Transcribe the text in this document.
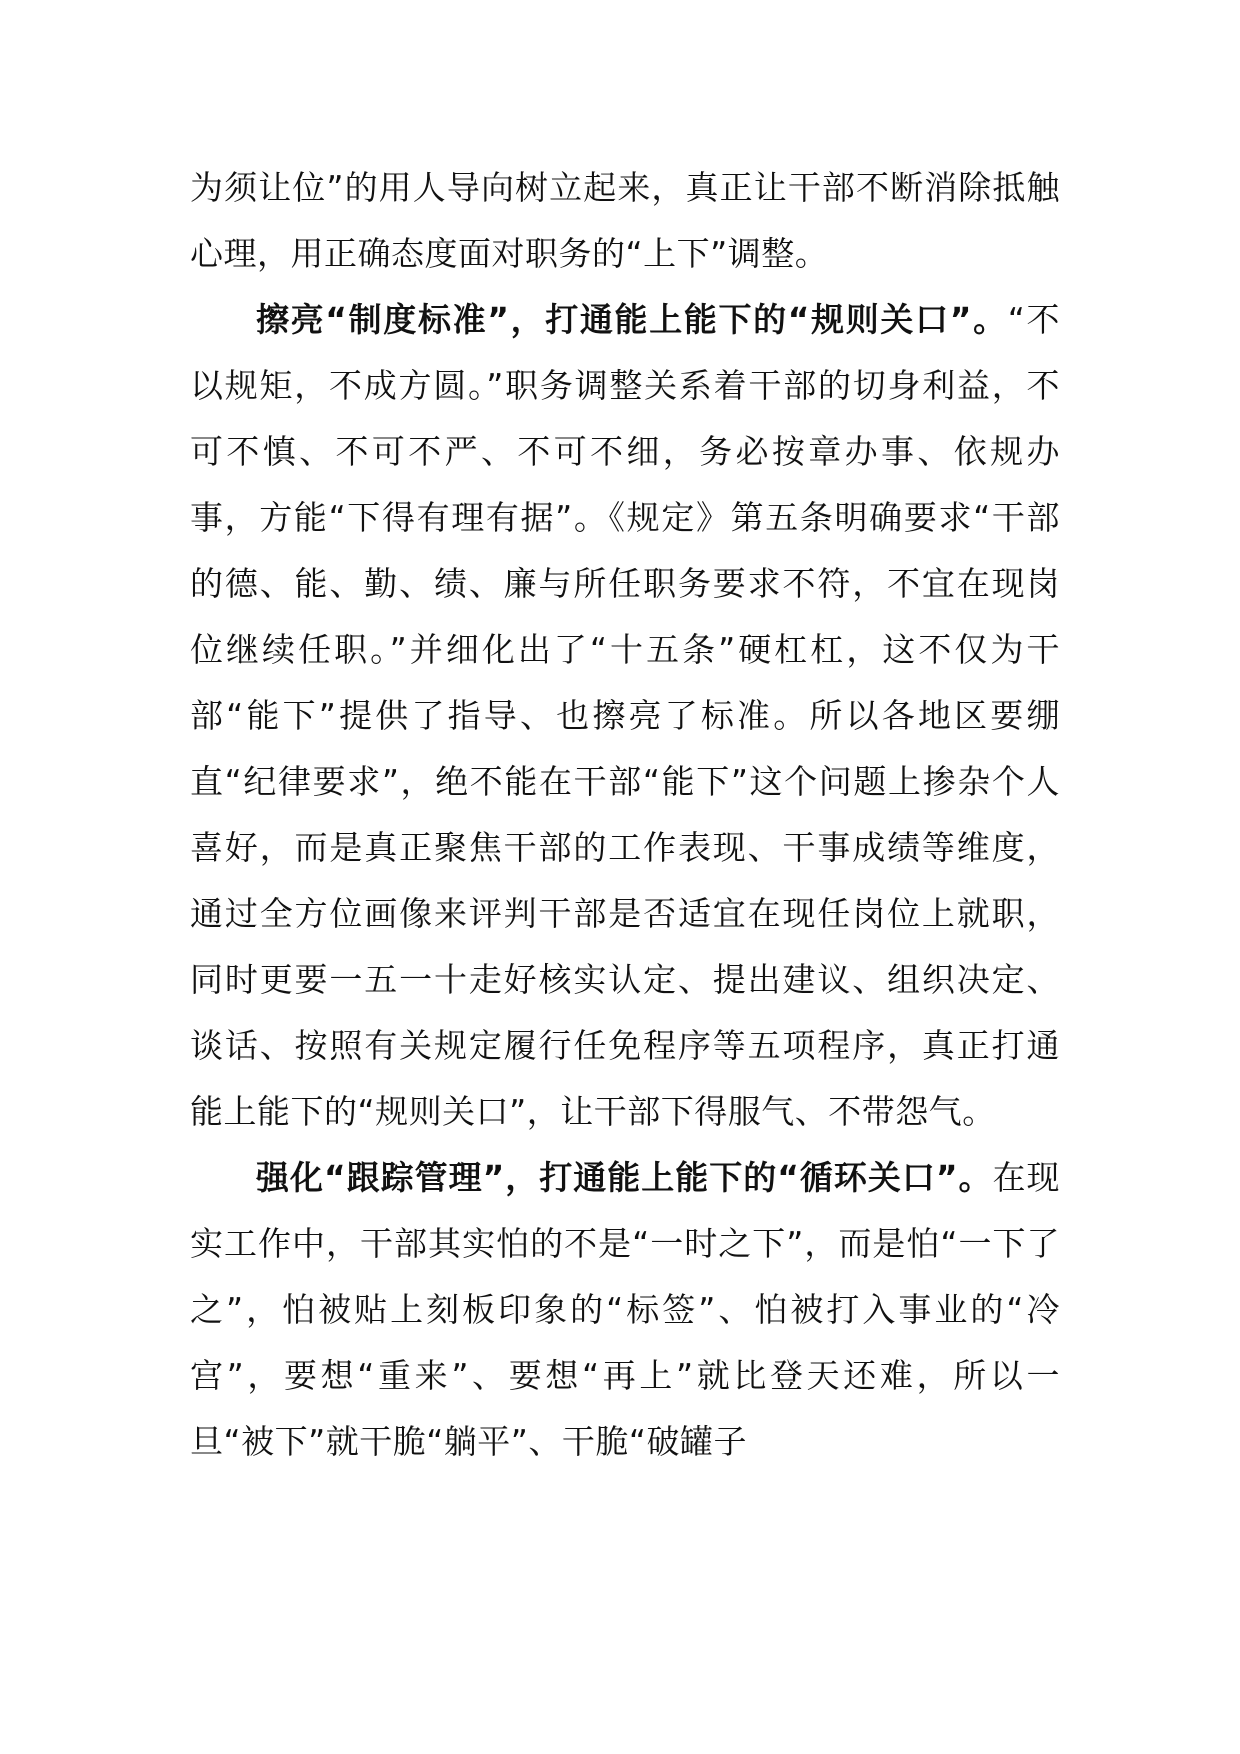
为须让位”的用人导向树立起来，真正让干部不断消除抵触心理，用正确态度面对职务的“上下”调整。

擦亮“制度标准”，打通能上能下的“规则关口”。“不以规矩，不成方圆。”职务调整关系着干部的切身利益，不可不慎、不可不严、不可不细，务必按章办事、依规办事，方能“下得有理有据”。《规定》第五条明确要求“干部的德、能、勤、绩、廉与所任职务要求不符，不宜在现岗位继续任职。”并细化出了“十五条”硬杠杠，这不仅为干部“能下”提供了指导、也擦亮了标准。所以各地区要绷直“纪律要求”，绝不能在干部“能下”这个问题上掺杂个人喜好，而是真正聚焦干部的工作表现、干事成绩等维度，通过全方位画像来评判干部是否适宜在现任岗位上就职，同时更要一五一十走好核实认定、提出建议、组织决定、谈话、按照有关规定履行任免程序等五项程序，真正打通能上能下的“规则关口”，让干部下得服气、不带怨气。

强化“跟踪管理”，打通能上能下的“循环关口”。在现实工作中，干部其实怕的不是“一时之下”，而是怕“一下了之”，怕被贴上刻板印象的“标签”、怕被打入事业的“冷宫”，要想“重来”、要想“再上”就比登天还难，所以一旦“被下”就干脆“躺平”、干脆“破罐子
